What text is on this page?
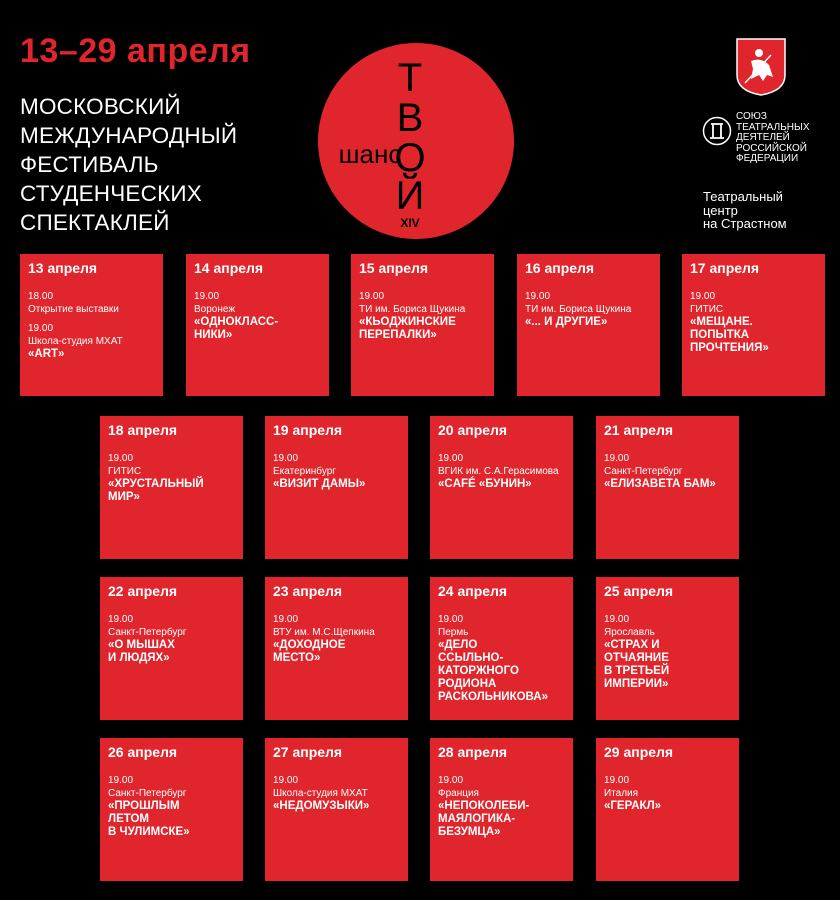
13–29 апреля
МОСКОВСКИЙ
МЕЖДУНАРОДНЫЙ
ФЕСТИВАЛЬ
СТУДЕНЧЕСКИХ
СПЕКТАКЛЕЙ
Т
В
О
Й
шанс
XIV
СОЮЗ
ТЕАТРАЛЬНЫХ
ДЕЯТЕЛЕЙ
РОССИЙСКОЙ
ФЕДЕРАЦИИ
Театральный
центр
на Страстном
13 апреля
18.00
Открытие выставки
19.00
Школа-студия МХАТ
«ART»
14 апреля
19.00
Воронеж
«ОДНОКЛАСС-
НИКИ»
15 апреля
19.00
ТИ им. Бориса Щукина
«КЬОДЖИНСКИЕ
ПЕРЕПАЛКИ»
16 апреля
19.00
ТИ им. Бориса Щукина
«... И ДРУГИЕ»
17 апреля
19.00
ГИТИС
«МЕЩАНЕ.
ПОПЫТКА
ПРОЧТЕНИЯ»
18 апреля
19.00
ГИТИС
«ХРУСТАЛЬНЫЙ
МИР»
19 апреля
19.00
Екатеринбург
«ВИЗИТ ДАМЫ»
20 апреля
19.00
ВГИК им. С.А.Герасимова
«CAFÉ «БУНИН»
21 апреля
19.00
Санкт-Петербург
«ЕЛИЗАВЕТА БАМ»
22 апреля
19.00
Санкт-Петербург
«О МЫШАХ
И ЛЮДЯХ»
23 апреля
19.00
ВТУ им. М.С.Щепкина
«ДОХОДНОЕ
МЕСТО»
24 апреля
19.00
Пермь
«ДЕЛО
ССЫЛЬНО-
КАТОРЖНОГО
РОДИОНА
РАСКОЛЬНИКОВА»
25 апреля
19.00
Ярославль
«СТРАХ И
ОТЧАЯНИЕ
В ТРЕТЬЕЙ
ИМПЕРИИ»
26 апреля
19.00
Санкт-Петербург
«ПРОШЛЫМ
ЛЕТОМ
В ЧУЛИМСКЕ»
27 апреля
19.00
Школа-студия МХАТ
«НЕДОМУЗЫКИ»
28 апреля
19.00
Франция
«НЕПОКОЛЕБИ-
МАЯЛОГИКА-
БЕЗУМЦА»
29 апреля
19.00
Италия
«ГЕРАКЛ»
